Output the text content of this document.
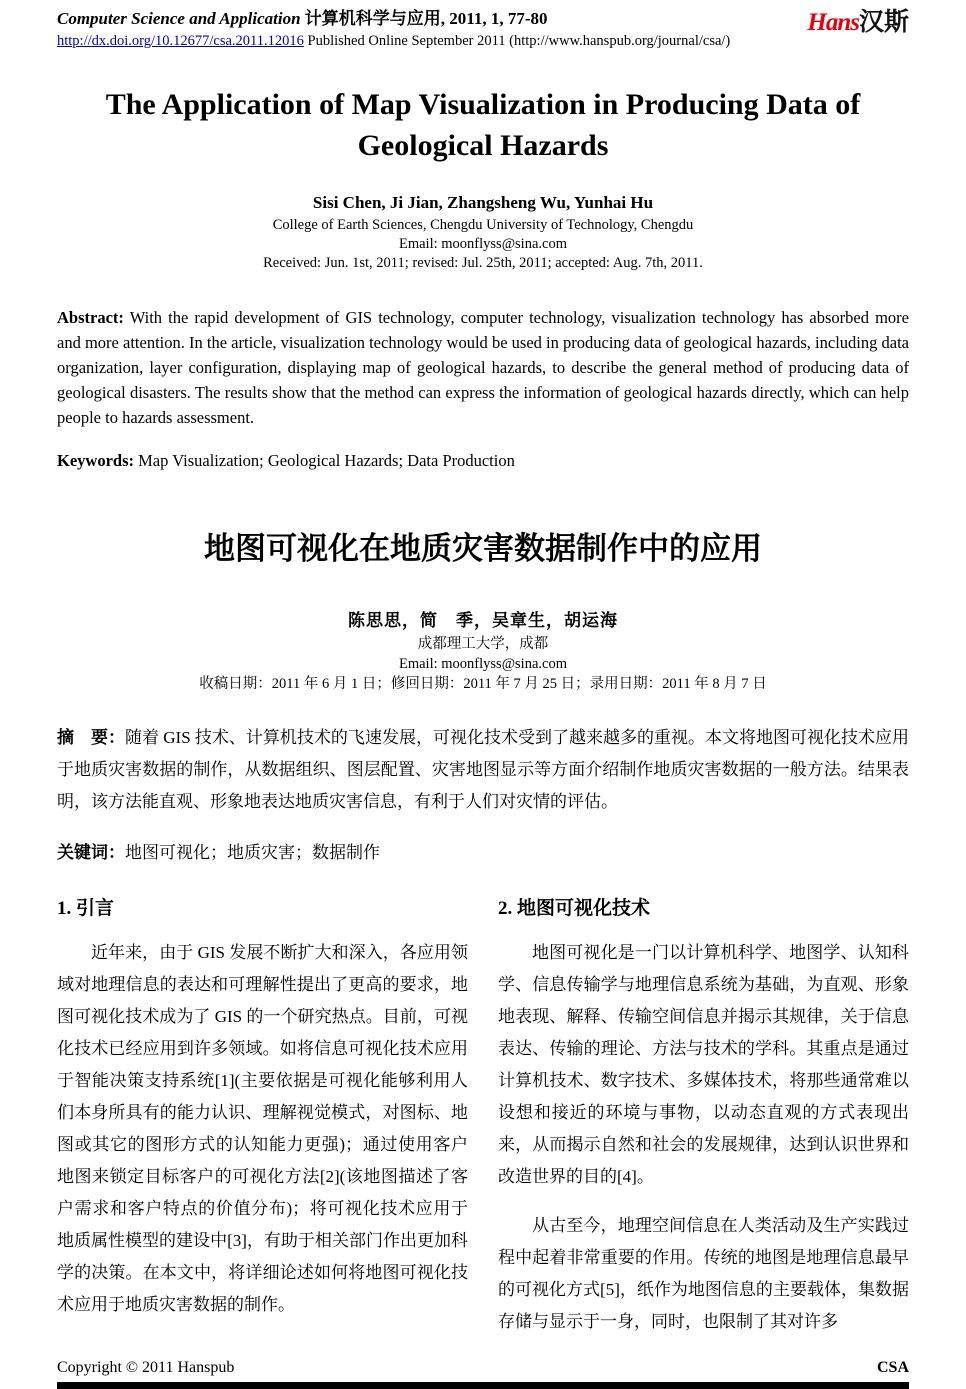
Computer Science and Application 计算机科学与应用, 2011, 1, 77-80
http://dx.doi.org/10.12677/csa.2011.12016 Published Online September 2011 (http://www.hanspub.org/journal/csa/)
Hans汉斯
The Application of Map Visualization in Producing Data of Geological Hazards
Sisi Chen, Ji Jian, Zhangsheng Wu, Yunhai Hu
College of Earth Sciences, Chengdu University of Technology, Chengdu
Email: moonflyss@sina.com
Received: Jun. 1st, 2011; revised: Jul. 25th, 2011; accepted: Aug. 7th, 2011.

Abstract: With the rapid development of GIS technology, computer technology, visualization technology has absorbed more and more attention. In the article, visualization technology would be used in producing data of geological hazards, including data organization, layer configuration, displaying map of geological hazards, to describe the general method of producing data of geological disasters. The results show that the method can express the information of geological hazards directly, which can help people to hazards assessment.

Keywords: Map Visualization; Geological Hazards; Data Production

地图可视化在地质灾害数据制作中的应用
陈思思，简　季，吴章生，胡运海
成都理工大学，成都
Email: moonflyss@sina.com
收稿日期：2011 年 6 月 1 日；修回日期：2011 年 7 月 25 日；录用日期：2011 年 8 月 7 日

摘　要：随着 GIS 技术、计算机技术的飞速发展，可视化技术受到了越来越多的重视。本文将地图可视化技术应用于地质灾害数据的制作，从数据组织、图层配置、灾害地图显示等方面介绍制作地质灾害数据的一般方法。结果表明，该方法能直观、形象地表达地质灾害信息，有利于人们对灾情的评估。

关键词：地图可视化；地质灾害；数据制作

1. 引言

近年来，由于 GIS 发展不断扩大和深入，各应用领域对地理信息的表达和可理解性提出了更高的要求，地图可视化技术成为了 GIS 的一个研究热点。目前，可视化技术已经应用到许多领域。如将信息可视化技术应用于智能决策支持系统[1](主要依据是可视化能够利用人们本身所具有的能力认识、理解视觉模式，对图标、地图或其它的图形方式的认知能力更强)；通过使用客户地图来锁定目标客户的可视化方法[2](该地图描述了客户需求和客户特点的价值分布)；将可视化技术应用于地质属性模型的建设中[3]，有助于相关部门作出更加科学的决策。在本文中，将详细论述如何将地图可视化技术应用于地质灾害数据的制作。

2. 地图可视化技术

地图可视化是一门以计算机科学、地图学、认知科学、信息传输学与地理信息系统为基础，为直观、形象地表现、解释、传输空间信息并揭示其规律，关于信息表达、传输的理论、方法与技术的学科。其重点是通过计算机技术、数字技术、多媒体技术，将那些通常难以设想和接近的环境与事物，以动态直观的方式表现出来，从而揭示自然和社会的发展规律，达到认识世界和改造世界的目的[4]。

从古至今，地理空间信息在人类活动及生产实践过程中起着非常重要的作用。传统的地图是地理信息最早的可视化方式[5]，纸作为地图信息的主要载体，集数据存储与显示于一身，同时，也限制了其对许多

Copyright © 2011 Hanspub	CSA
